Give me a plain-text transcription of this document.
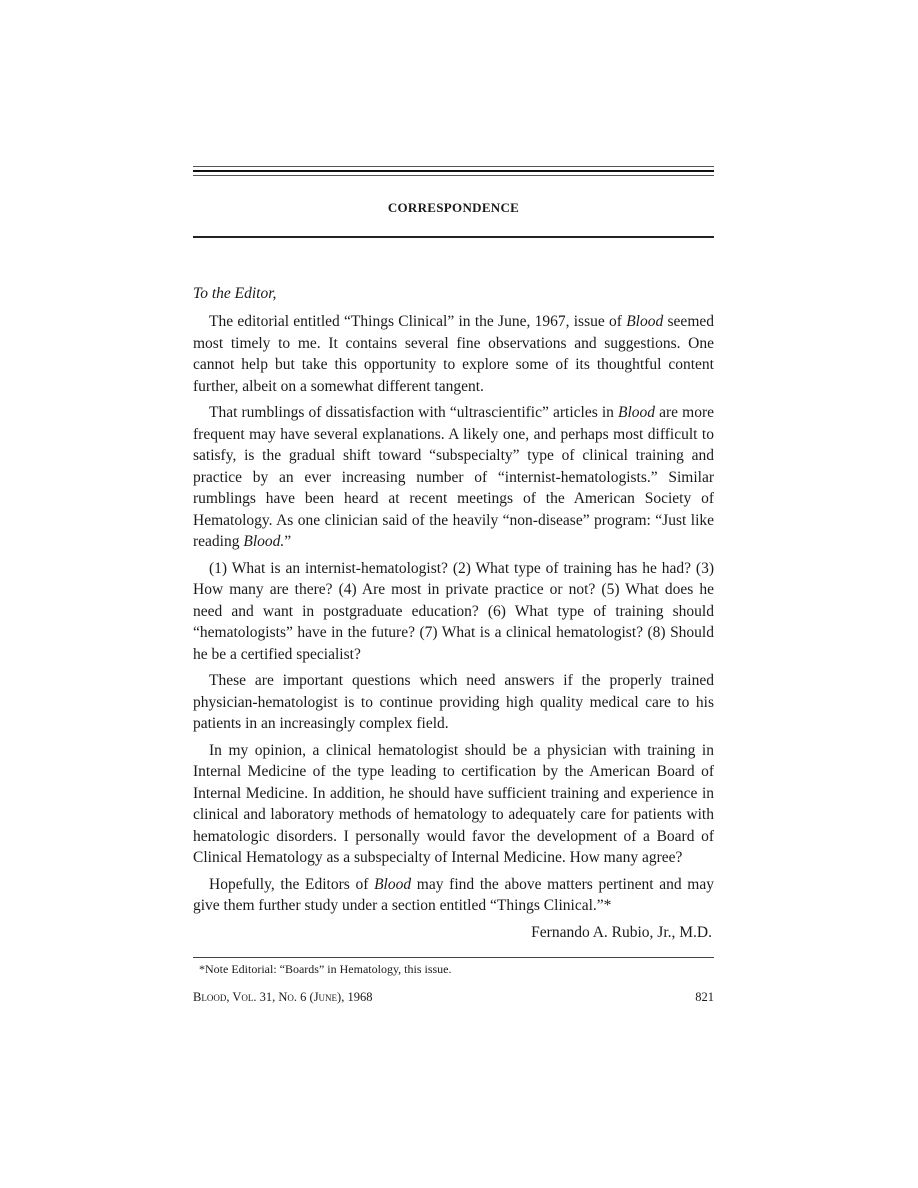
CORRESPONDENCE
To the Editor,

The editorial entitled “Things Clinical” in the June, 1967, issue of Blood seemed most timely to me. It contains several fine observations and suggestions. One cannot help but take this opportunity to explore some of its thoughtful content further, albeit on a somewhat different tangent.

That rumblings of dissatisfaction with “ultrascientific” articles in Blood are more frequent may have several explanations. A likely one, and perhaps most difficult to satisfy, is the gradual shift toward “subspecialty” type of clinical training and practice by an ever increasing number of “internist-hematologists.” Similar rumblings have been heard at recent meetings of the American Society of Hematology. As one clinician said of the heavily “non-disease” program: “Just like reading Blood.”

(1) What is an internist-hematologist? (2) What type of training has he had? (3) How many are there? (4) Are most in private practice or not? (5) What does he need and want in postgraduate education? (6) What type of training should “hematologists” have in the future? (7) What is a clinical hematologist? (8) Should he be a certified specialist?

These are important questions which need answers if the properly trained physician-hematologist is to continue providing high quality medical care to his patients in an increasingly complex field.

In my opinion, a clinical hematologist should be a physician with training in Internal Medicine of the type leading to certification by the American Board of Internal Medicine. In addition, he should have sufficient training and experience in clinical and laboratory methods of hematology to adequately care for patients with hematologic disorders. I personally would favor the development of a Board of Clinical Hematology as a subspecialty of Internal Medicine. How many agree?

Hopefully, the Editors of Blood may find the above matters pertinent and may give them further study under a section entitled “Things Clinical.”*

Fernando A. Rubio, Jr., M.D.
*Note Editorial: “Boards” in Hematology, this issue.
Blood, Vol. 31, No. 6 (June), 1968	821
